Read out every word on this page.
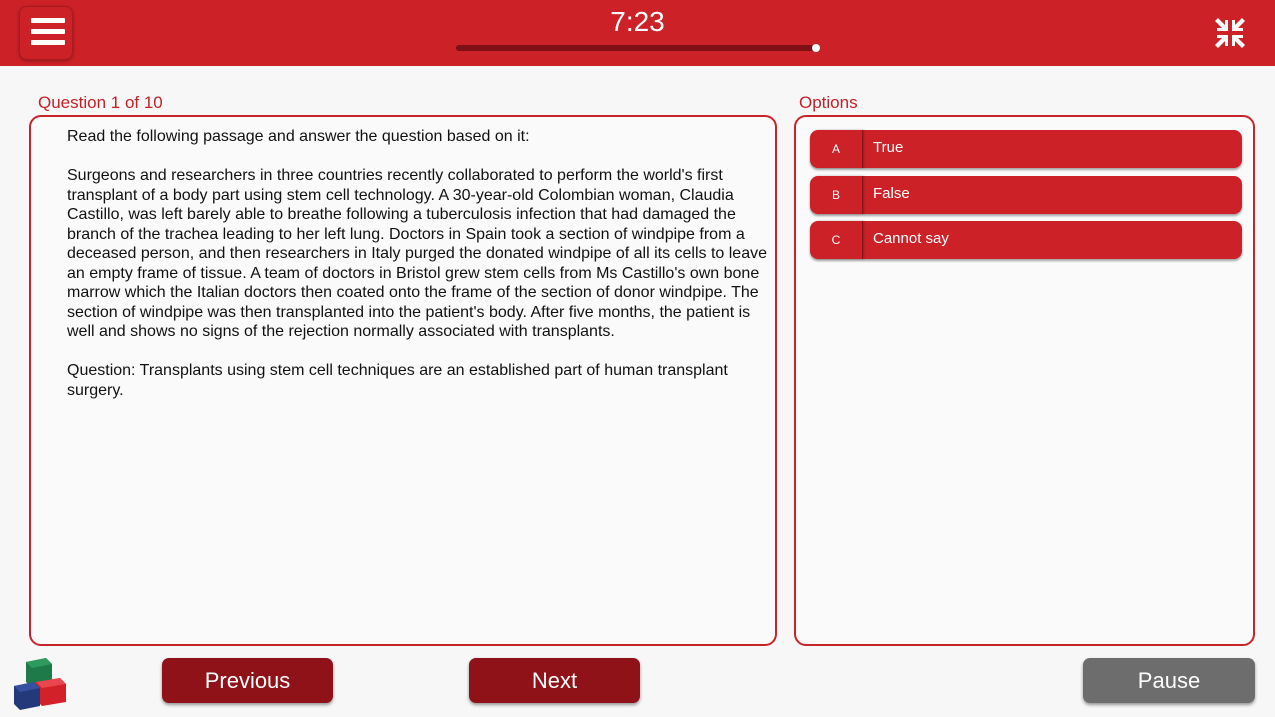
7:23
Question 1 of 10	Options

Read the following passage and answer the question based on it:

Surgeons and researchers in three countries recently collaborated to perform the world's first transplant of a body part using stem cell technology. A 30-year-old Colombian woman, Claudia Castillo, was left barely able to breathe following a tuberculosis infection that had damaged the branch of the trachea leading to her left lung. Doctors in Spain took a section of windpipe from a deceased person, and then researchers in Italy purged the donated windpipe of all its cells to leave an empty frame of tissue. A team of doctors in Bristol grew stem cells from Ms Castillo's own bone marrow which the Italian doctors then coated onto the frame of the section of donor windpipe. The section of windpipe was then transplanted into the patient's body. After five months, the patient is well and shows no signs of the rejection normally associated with transplants.

Question: Transplants using stem cell techniques are an established part of human transplant surgery.

A	True
B	False
C	Cannot say
Previous	Next	Pause
